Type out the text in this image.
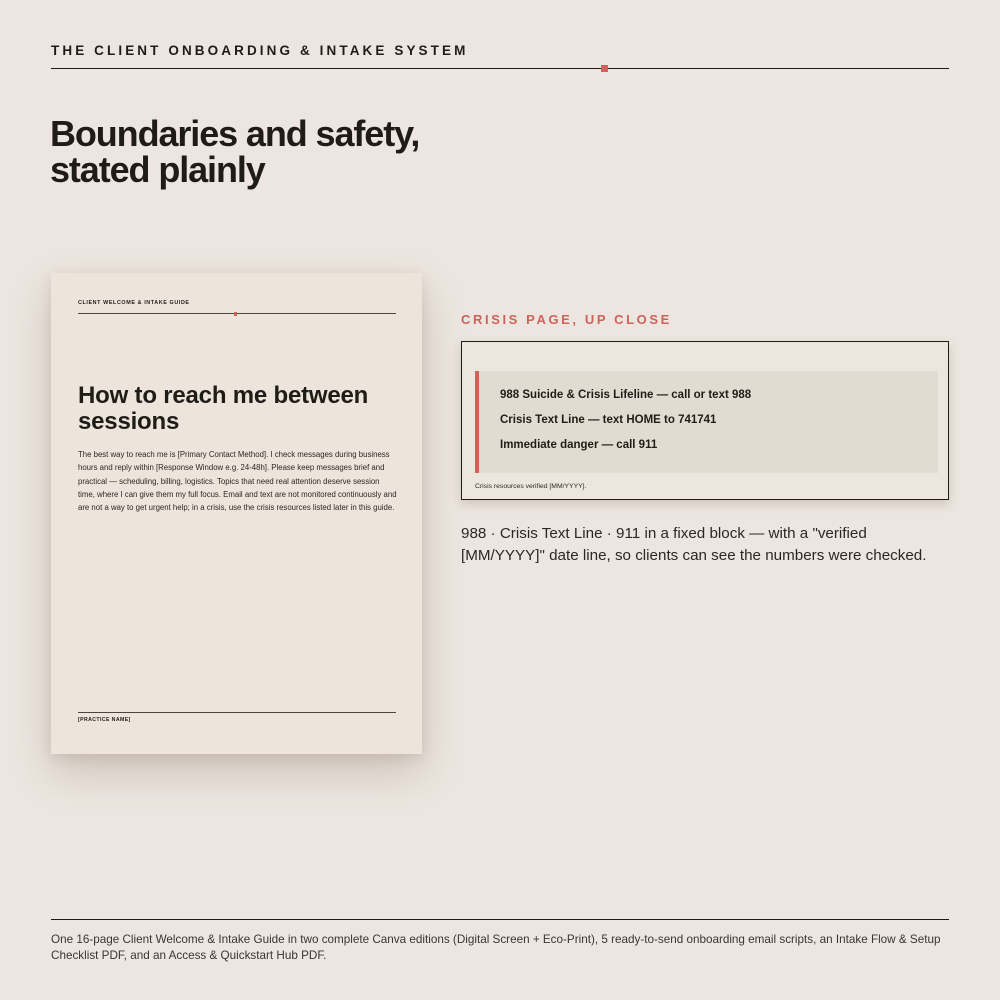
THE CLIENT ONBOARDING & INTAKE SYSTEM
Boundaries and safety, stated plainly
CLIENT WELCOME & INTAKE GUIDE
How to reach me between sessions

The best way to reach me is [Primary Contact Method]. I check messages during business hours and reply within [Response Window e.g. 24-48h]. Please keep messages brief and practical — scheduling, billing, logistics. Topics that need real attention deserve session time, where I can give them my full focus. Email and text are not monitored continuously and are not a way to get urgent help; in a crisis, use the crisis resources listed later in this guide.

[PRACTICE NAME]
CRISIS PAGE, UP CLOSE
988 Suicide & Crisis Lifeline — call or text 988
Crisis Text Line — text HOME to 741741
Immediate danger — call 911
Crisis resources verified [MM/YYYY].

988 · Crisis Text Line · 911 in a fixed block — with a "verified [MM/YYYY]" date line, so clients can see the numbers were checked.

One 16-page Client Welcome & Intake Guide in two complete Canva editions (Digital Screen + Eco-Print), 5 ready-to-send onboarding email scripts, an Intake Flow & Setup Checklist PDF, and an Access & Quickstart Hub PDF.
